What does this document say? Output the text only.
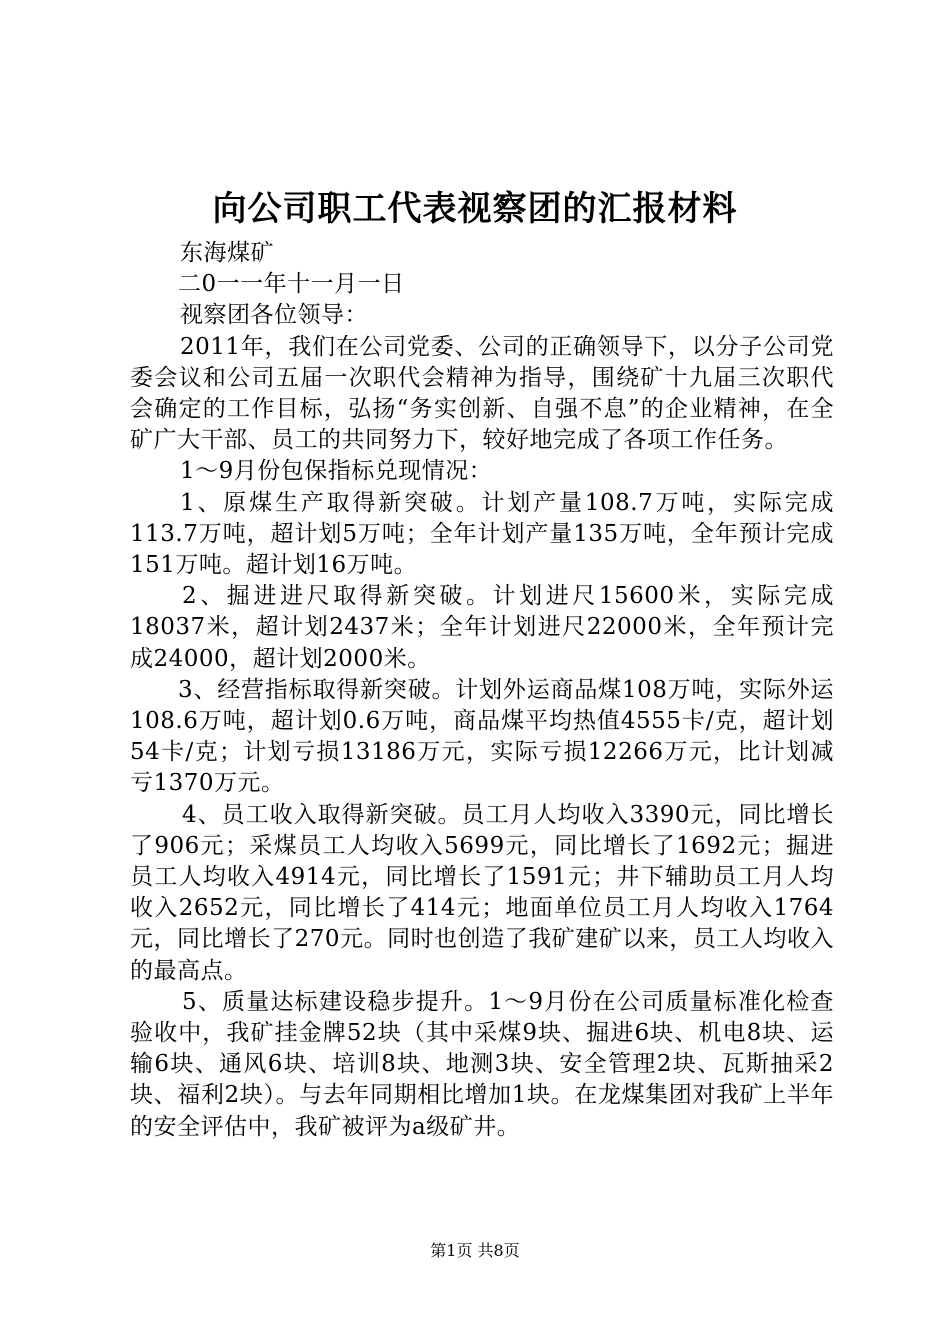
向公司职工代表视察团的汇报材料

东海煤矿

二0一一年十一月一日

视察团各位领导：

2011年，我们在公司党委、公司的正确领导下，以分子公司党委会议和公司五届一次职代会精神为指导，围绕矿十九届三次职代会确定的工作目标，弘扬“务实创新、自强不息”的企业精神，在全矿广大干部、员工的共同努力下，较好地完成了各项工作任务。

1～9月份包保指标兑现情况：

1、原煤生产取得新突破。计划产量108.7万吨，实际完成113.7万吨，超计划5万吨；全年计划产量135万吨，全年预计完成151万吨。超计划16万吨。

2、掘进进尺取得新突破。计划进尺15600米，实际完成18037米，超计划2437米；全年计划进尺22000米，全年预计完成24000，超计划2000米。

3、经营指标取得新突破。计划外运商品煤108万吨，实际外运108.6万吨，超计划0.6万吨，商品煤平均热值4555卡/克，超计划54卡/克；计划亏损13186万元，实际亏损12266万元，比计划减亏1370万元。

4、员工收入取得新突破。员工月人均收入3390元，同比增长了906元；采煤员工人均收入5699元，同比增长了1692元；掘进员工人均收入4914元，同比增长了1591元；井下辅助员工月人均收入2652元，同比增长了414元；地面单位员工月人均收入1764元，同比增长了270元。同时也创造了我矿建矿以来，员工人均收入的最高点。

5、质量达标建设稳步提升。1～9月份在公司质量标准化检查验收中，我矿挂金牌52块（其中采煤9块、掘进6块、机电8块、运输6块、通风6块、培训8块、地测3块、安全管理2块、瓦斯抽采2块、福利2块）。与去年同期相比增加1块。在龙煤集团对我矿上半年的安全评估中，我矿被评为a级矿井。

第1页 共8页
